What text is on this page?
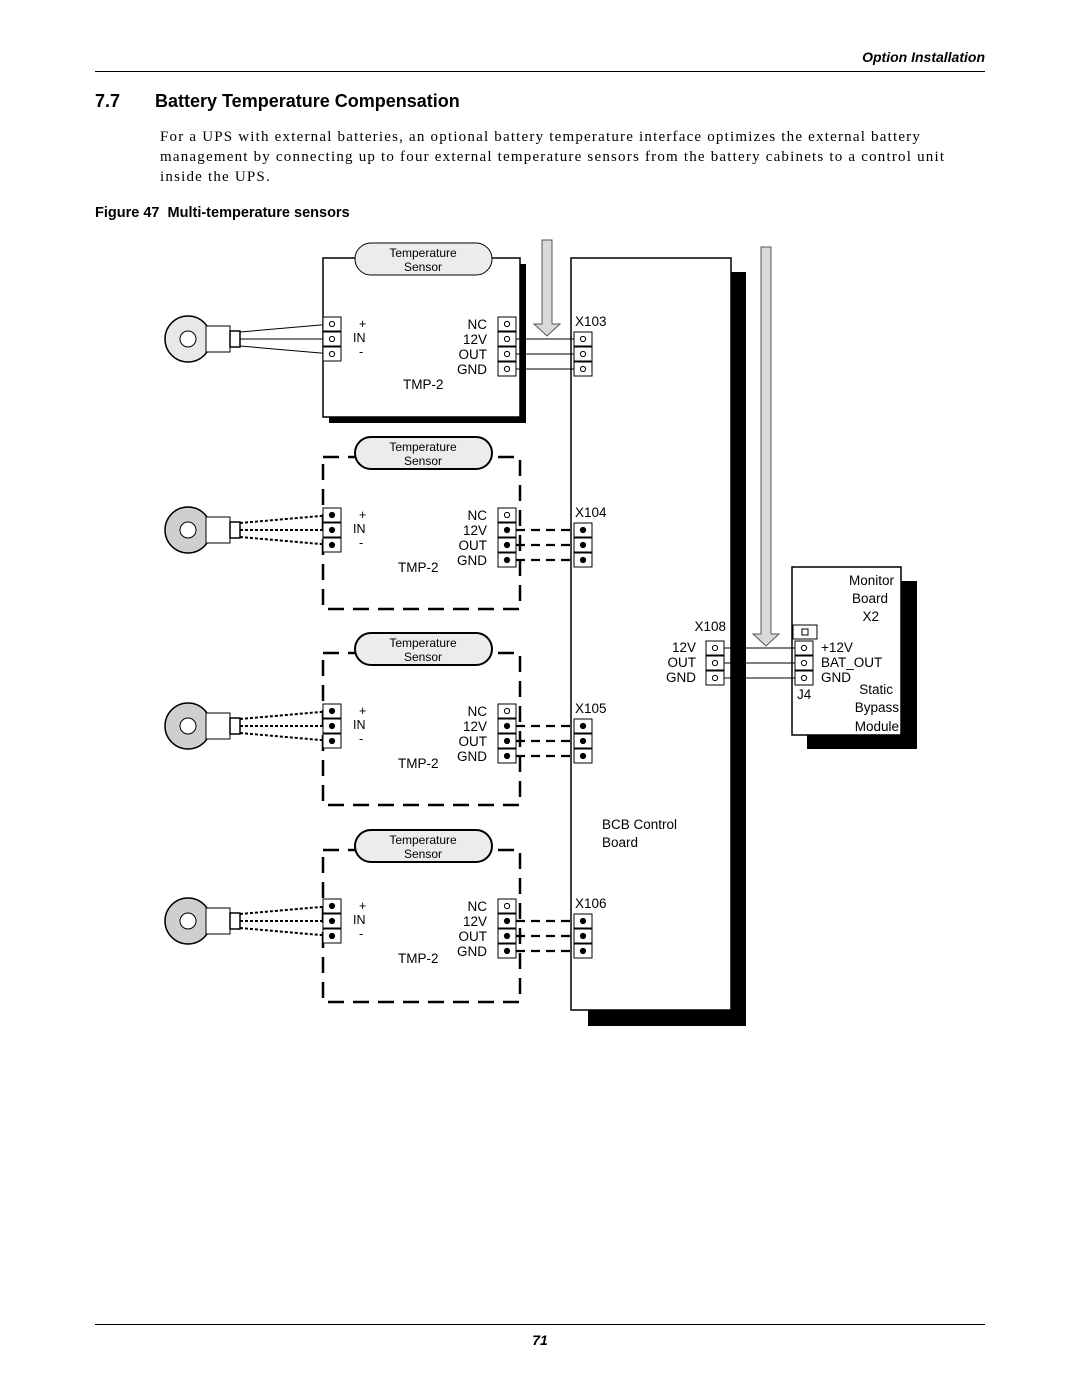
Option Installation
7.7 Battery Temperature Compensation
For a UPS with external batteries, an optional battery temperature interface optimizes the external battery management by connecting up to four external temperature sensors from the battery cabinets to a control unit inside the UPS.
Figure 47 Multi-temperature sensors
BCB Control
Board
Temperature
Sensor
+
IN
-
NC
12V
OUT
GND
TMP-2
X103
Temperature
Sensor
+
IN
-
NC
12V
OUT
GND
TMP-2
X104
Temperature
Sensor
+
IN
-
NC
12V
OUT
GND
TMP-2
X105
Temperature
Sensor
+
IN
-
NC
12V
OUT
GND
TMP-2
X106
X108
12V
OUT
GND
Monitor
Board
X2
+12V
BAT_OUT
GND
J4	Static
Bypass
Module
71
